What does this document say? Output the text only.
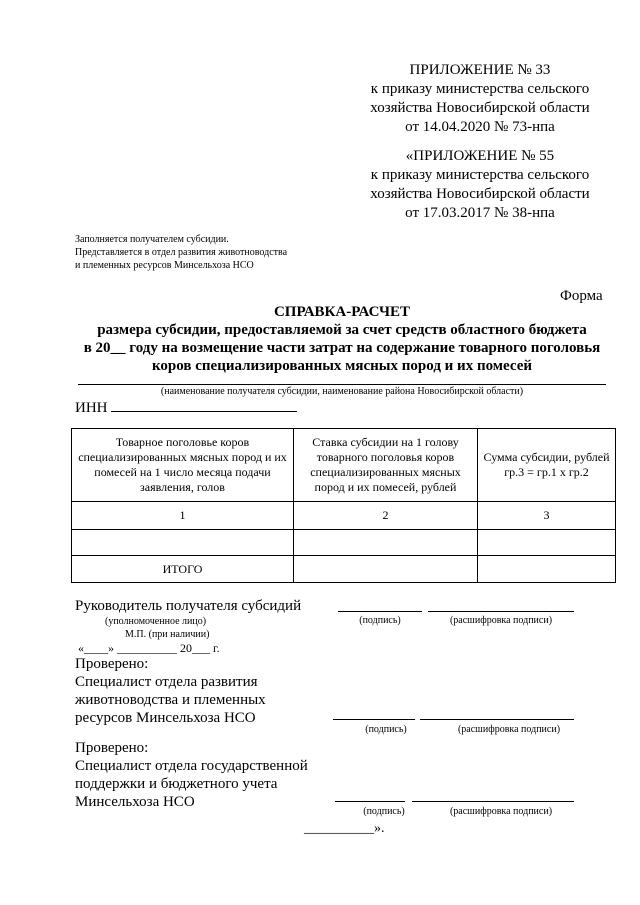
ПРИЛОЖЕНИЕ № 33
к приказу министерства сельского
хозяйства Новосибирской области
от 14.04.2020 № 73-нпа
«ПРИЛОЖЕНИЕ № 55
к приказу министерства сельского
хозяйства Новосибирской области
от 17.03.2017 № 38-нпа
Заполняется получателем субсидии.
Представляется в отдел развития животноводства
и племенных ресурсов Минсельхоза НСО
Форма
СПРАВКА-РАСЧЕТ
размера субсидии, предоставляемой за счет средств областного бюджета
в 20__ году на возмещение части затрат на содержание товарного поголовья
коров специализированных мясных пород и их помесей
(наименование получателя субсидии, наименование района Новосибирской области)
ИНН
Товарное поголовье коров специализированных мясных пород и их помесей на 1 число месяца подачи заявления, голов	Ставка субсидии на 1 голову товарного поголовья коров специализированных мясных пород и их помесей, рублей	Сумма субсидии, рублей гр.3 = гр.1 х гр.2
1	2	3

ИТОГО		
Руководитель получателя субсидий
(подпись)	(расшифровка подписи)
(уполномоченное лицо)
М.П. (при наличии)
«____» __________ 20___ г.
Проверено:
Специалист отдела развития
животноводства и племенных
ресурсов Минсельхоза НСО
(подпись)	(расшифровка подписи)
Проверено:
Специалист отдела государственной
поддержки и бюджетного учета
Минсельхоза НСО
(подпись)	(расшифровка подписи)
__________».
